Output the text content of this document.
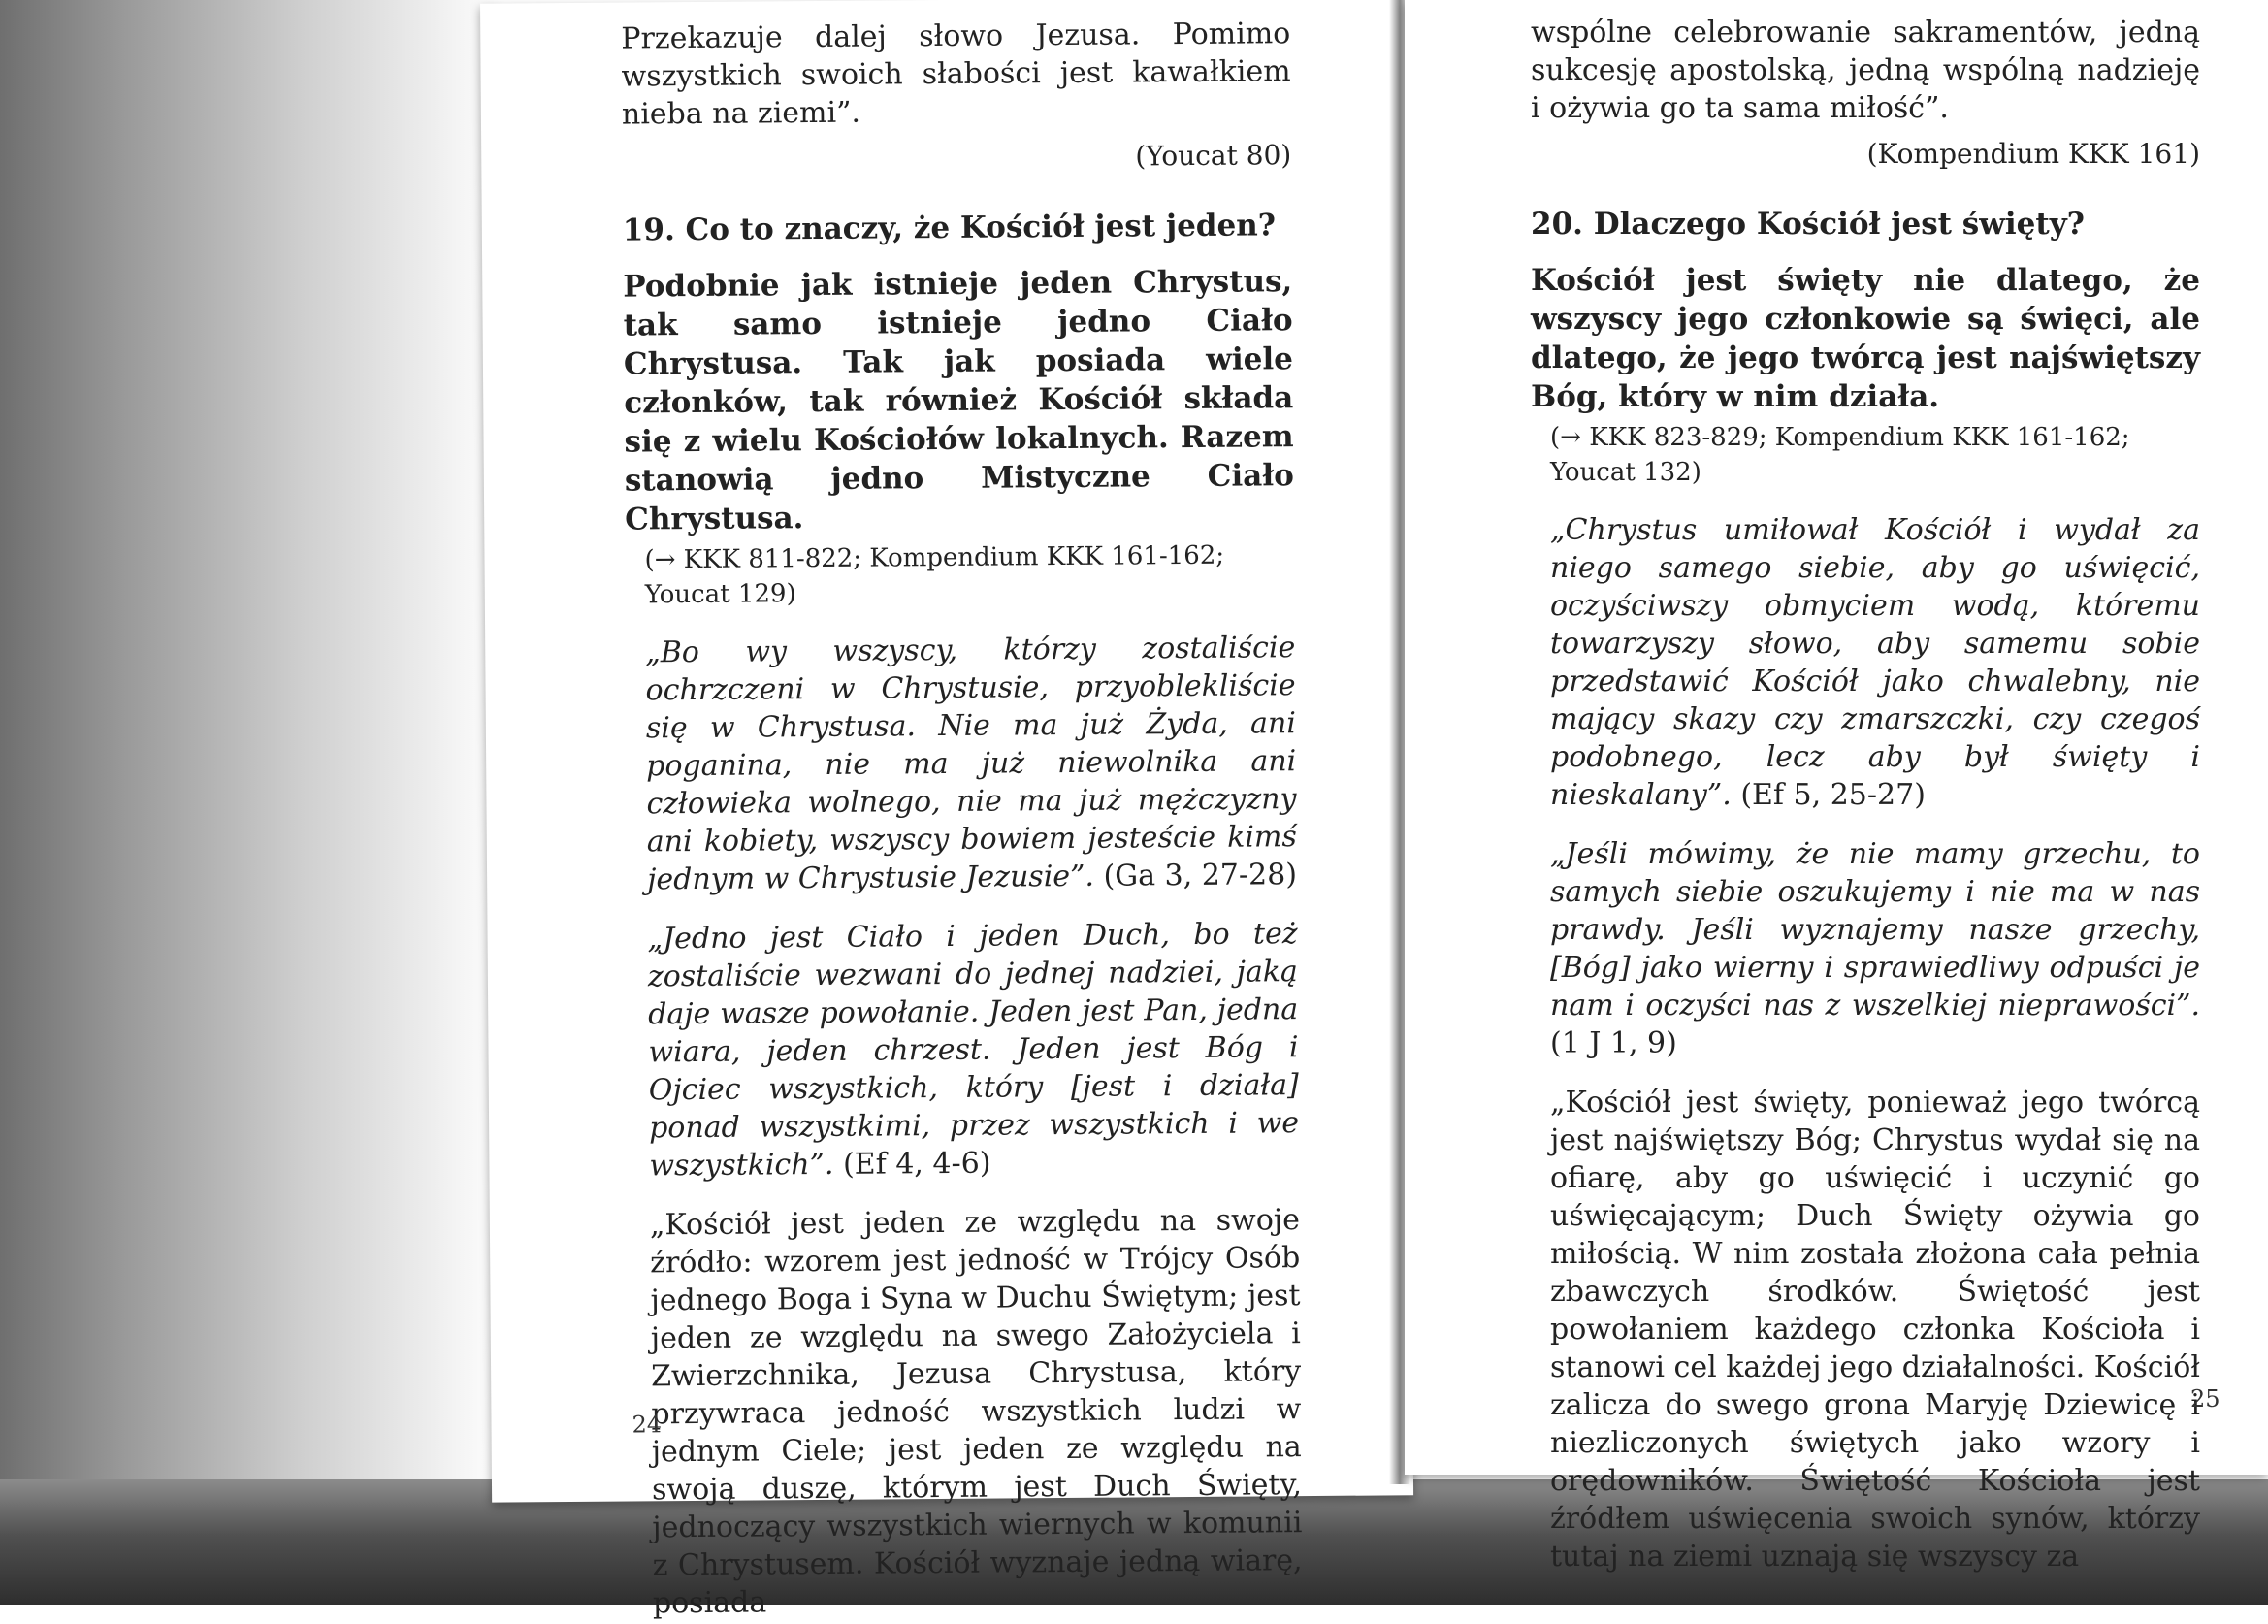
Przekazuje dalej słowo Jezusa. Pomimo wszystkich swoich słabości jest kawałkiem nieba na ziemi”.

(Youcat 80)

19. Co to znaczy, że Kościół jest jeden?

Podobnie jak istnieje jeden Chrystus, tak samo istnieje jedno Ciało Chrystusa. Tak jak posiada wiele członków, tak również Kościół składa się z wielu Kościołów lokalnych. Razem stanowią jedno Mistyczne Ciało Chrystusa.

(→ KKK 811-822; Kompendium KKK 161-162; Youcat 129)

„Bo wy wszyscy, którzy zostaliście ochrzczeni w Chrystusie, przyoblekliście się w Chrystusa. Nie ma już Żyda, ani poganina, nie ma już niewolnika ani człowieka wolnego, nie ma już mężczyzny ani kobiety, wszyscy bowiem jesteście kimś jednym w Chrystusie Jezusie”. (Ga 3, 27-28)

„Jedno jest Ciało i jeden Duch, bo też zostaliście wezwani do jednej nadziei, jaką daje wasze powołanie. Jeden jest Pan, jedna wiara, jeden chrzest. Jeden jest Bóg i Ojciec wszystkich, który [jest i działa] ponad wszystkimi, przez wszystkich i we wszystkich”. (Ef 4, 4-6)

„Kościół jest jeden ze względu na swoje źródło: wzorem jest jedność w Trójcy Osób jednego Boga i Syna w Duchu Świętym; jest jeden ze względu na swego Założyciela i Zwierzchnika, Jezusa Chrystusa, który przywraca jedność wszystkich ludzi w jednym Ciele; jest jeden ze względu na swoją duszę, którym jest Duch Święty, jednoczący wszystkich wiernych w komunii z Chrystusem. Kościół wyznaje jedną wiarę, posiada

24

wspólne celebrowanie sakramentów, jedną sukcesję apostolską, jedną wspólną nadzieję i ożywia go ta sama miłość”.

(Kompendium KKK 161)

20. Dlaczego Kościół jest święty?

Kościół jest święty nie dlatego, że wszyscy jego członkowie są święci, ale dlatego, że jego twórcą jest najświętszy Bóg, który w nim działa.

(→ KKK 823-829; Kompendium KKK 161-162; Youcat 132)

„Chrystus umiłował Kościół i wydał za niego samego siebie, aby go uświęcić, oczyściwszy obmyciem wodą, któremu towarzyszy słowo, aby samemu sobie przedstawić Kościół jako chwalebny, nie mający skazy czy zmarszczki, czy czegoś podobnego, lecz aby był święty i nieskalany”. (Ef 5, 25-27)

„Jeśli mówimy, że nie mamy grzechu, to samych siebie oszukujemy i nie ma w nas prawdy. Jeśli wyznajemy nasze grzechy, [Bóg] jako wierny i sprawiedliwy odpuści je nam i oczyści nas z wszelkiej nieprawości”. (1 J 1, 9)

„Kościół jest święty, ponieważ jego twórcą jest najświętszy Bóg; Chrystus wydał się na ofiarę, aby go uświęcić i uczynić go uświęcającym; Duch Święty ożywia go miłością. W nim została złożona cała pełnia zbawczych środków. Świętość jest powołaniem każdego członka Kościoła i stanowi cel każdej jego działalności. Kościół zalicza do swego grona Maryję Dziewicę i niezliczonych świętych jako wzory i orędowników. Świętość Kościoła jest źródłem uświęcenia swoich synów, którzy tutaj na ziemi uznają się wszyscy za

25
